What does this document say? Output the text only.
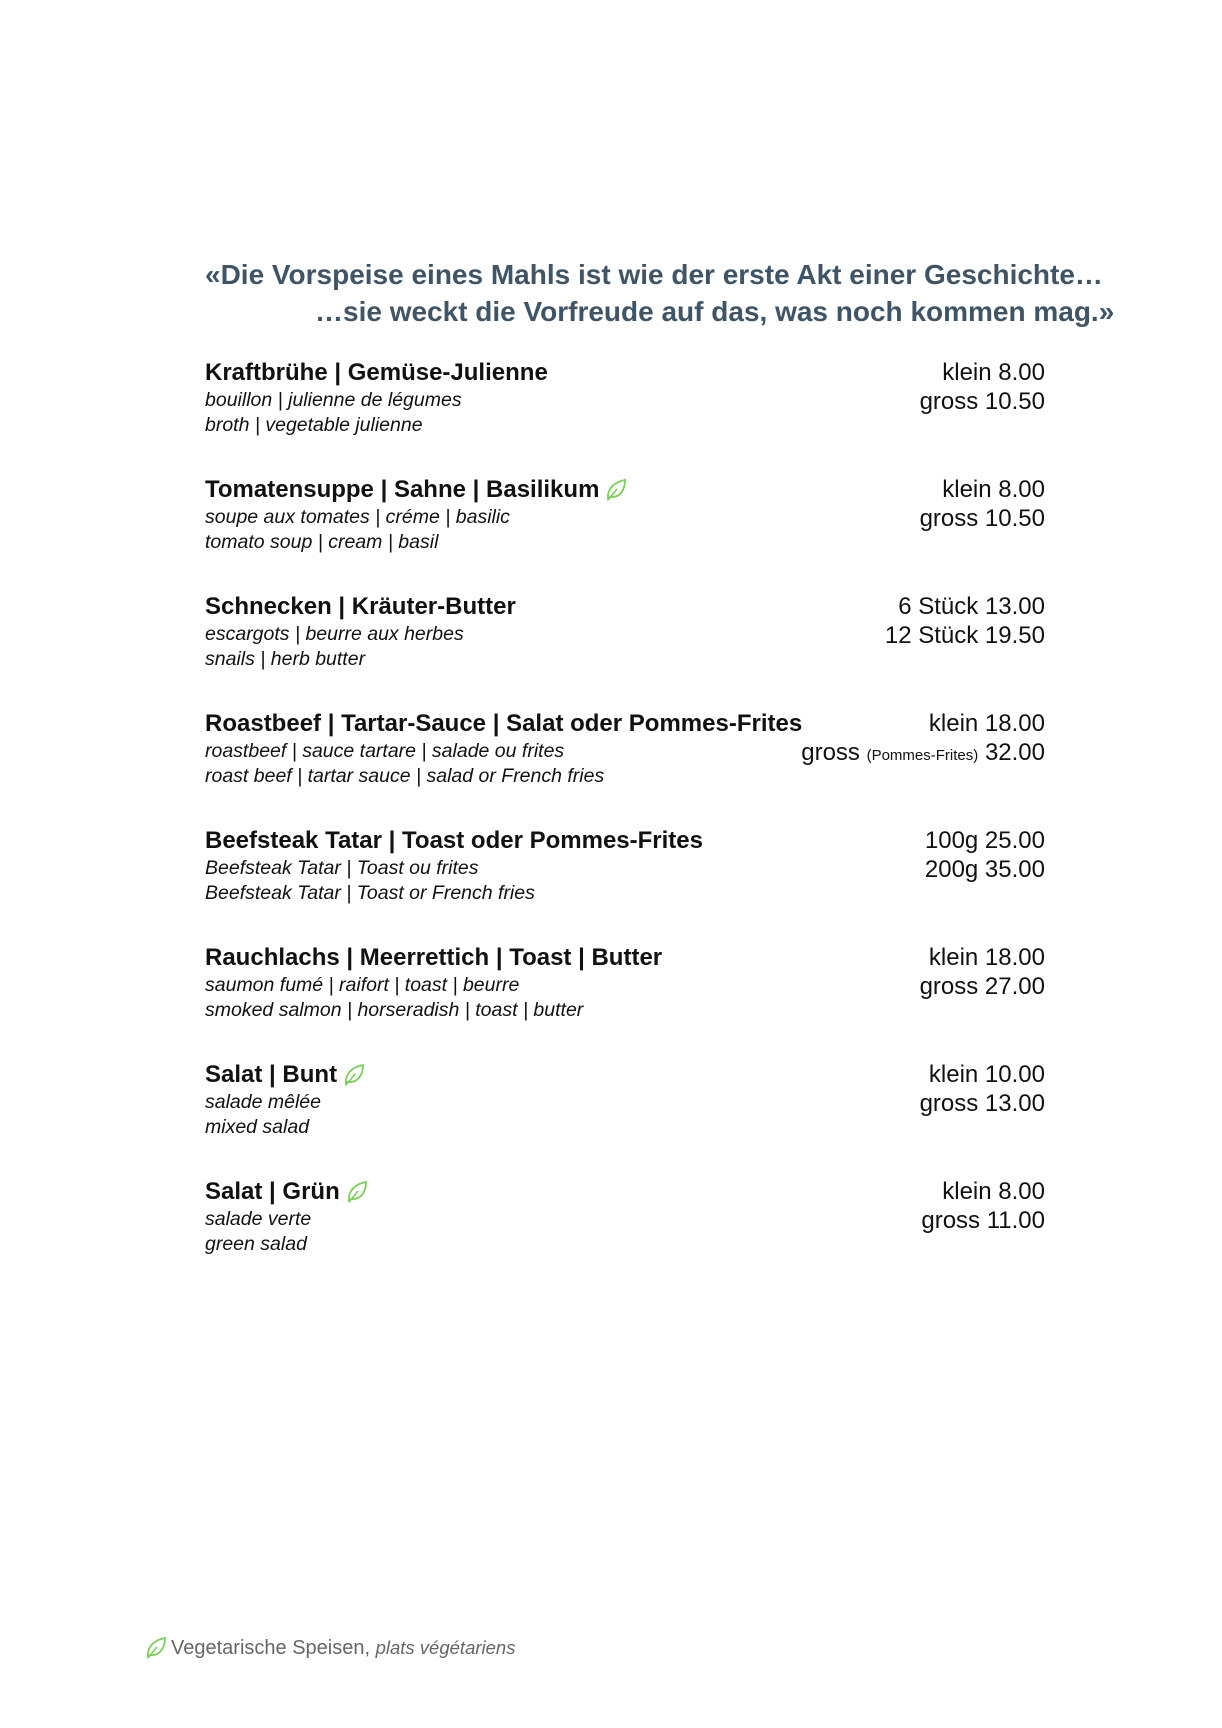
«Die Vorspeise eines Mahls ist wie der erste Akt einer Geschichte…
…sie weckt die Vorfreude auf das, was noch kommen mag.»
Kraftbrühe | Gemüse-Julienne
bouillon | julienne de légumes
broth | vegetable julienne
klein 8.00
gross 10.50
Tomatensuppe | Sahne | Basilikum
soupe aux tomates | créme | basilic
tomato soup | cream | basil
klein 8.00
gross 10.50
Schnecken | Kräuter-Butter
escargots | beurre aux herbes
snails | herb butter
6 Stück 13.00
12 Stück 19.50
Roastbeef | Tartar-Sauce | Salat oder Pommes-Frites
roastbeef | sauce tartare | salade ou frites
roast beef | tartar sauce | salad or French fries
klein 18.00
gross (Pommes-Frites) 32.00
Beefsteak Tatar | Toast oder Pommes-Frites
Beefsteak Tatar | Toast ou frites
Beefsteak Tatar | Toast or French fries
100g 25.00
200g 35.00
Rauchlachs | Meerrettich | Toast | Butter
saumon fumé | raifort | toast | beurre
smoked salmon | horseradish | toast | butter
klein 18.00
gross 27.00
Salat | Bunt
salade mêlée
mixed salad
klein 10.00
gross 13.00
Salat | Grün
salade verte
green salad
klein 8.00
gross 11.00
Vegetarische Speisen,
plats végétariens
